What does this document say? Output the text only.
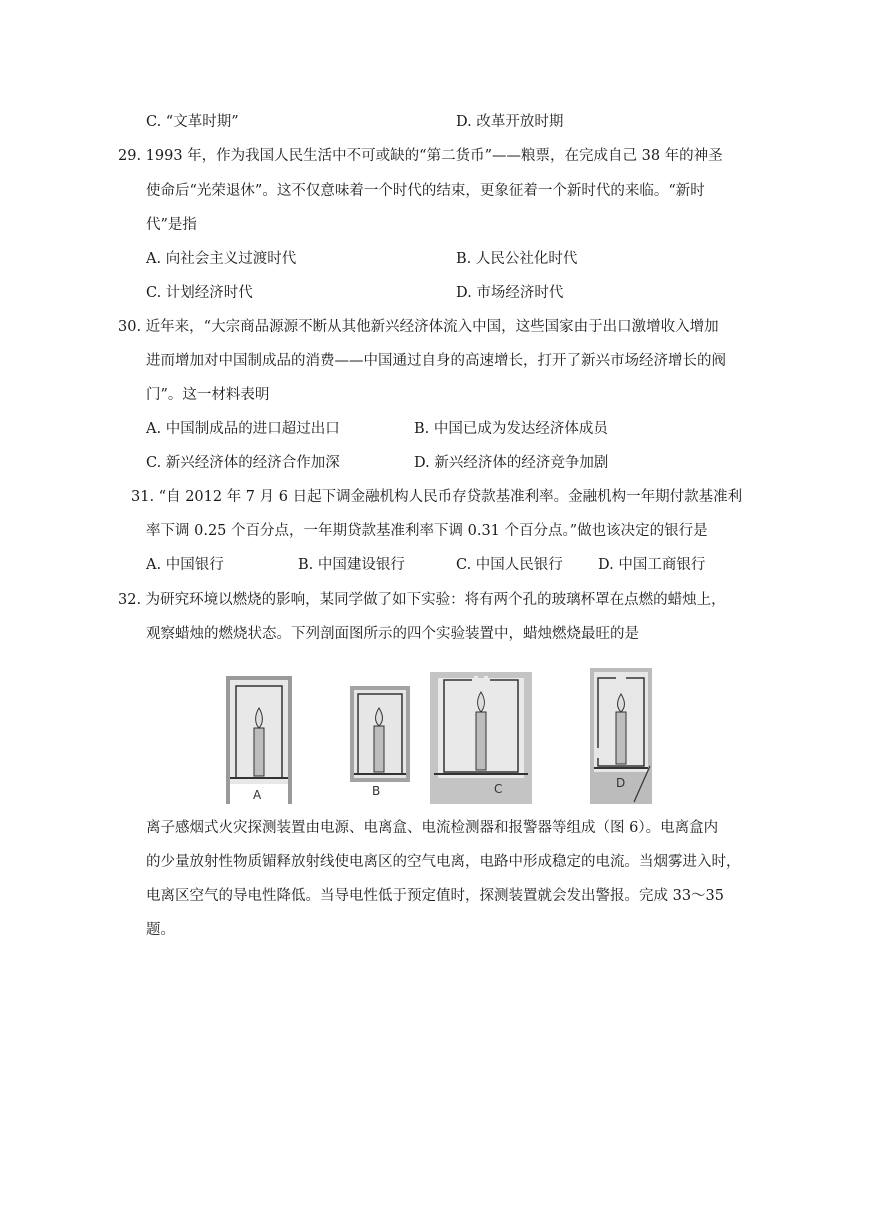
C. “文革时期”	D. 改革开放时期
29. 1993 年，作为我国人民生活中不可或缺的“第二货币”——粮票，在完成自己 38 年的神圣
使命后“光荣退休”。这不仅意味着一个时代的结束，更象征着一个新时代的来临。“新时
代”是指
A. 向社会主义过渡时代	B. 人民公社化时代
C. 计划经济时代	D. 市场经济时代
30. 近年来，“大宗商品源源不断从其他新兴经济体流入中国，这些国家由于出口激增收入增加
进而增加对中国制成品的消费——中国通过自身的高速增长，打开了新兴市场经济增长的阀
门”。这一材料表明
A. 中国制成品的进口超过出口	B. 中国已成为发达经济体成员
C. 新兴经济体的经济合作加深	D. 新兴经济体的经济竞争加剧
31. “自 2012 年 7 月 6 日起下调金融机构人民币存贷款基准利率。金融机构一年期付款基准利
率下调 0.25 个百分点，一年期贷款基准利率下调 0.31 个百分点。”做也该决定的银行是
A. 中国银行	B. 中国建设银行	C. 中国人民银行 D. 中国工商银行
32. 为研究环境以燃烧的影响，某同学做了如下实验：将有两个孔的玻璃杯罩在点燃的蜡烛上，
观察蜡烛的燃烧状态。下列剖面图所示的四个实验装置中，蜡烛燃烧最旺的是
A	B	C	D
离子感烟式火灾探测装置由电源、电离盒、电流检测器和报警器等组成（图 6）。电离盒内
的少量放射性物质镅释放射线使电离区的空气电离，电路中形成稳定的电流。当烟雾进入时，
电离区空气的导电性降低。当导电性低于预定值时，探测装置就会发出警报。完成 33～35
题。
